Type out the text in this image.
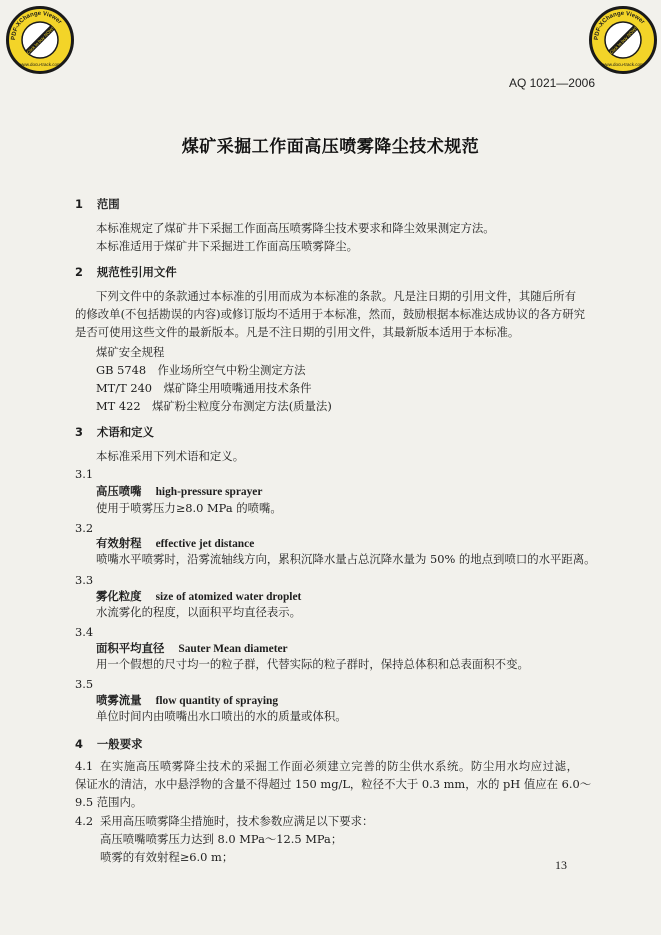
PDF-XChange Viewer
www.docu-track.com
Click to buy NOW!	PDF-XChange Viewer
www.docu-track.com
Click to buy NOW!
AQ 1021—2006
煤矿采掘工作面高压喷雾降尘技术规范
1 范围
本标准规定了煤矿井下采掘工作面高压喷雾降尘技术要求和降尘效果测定方法。
本标准适用于煤矿井下采掘进工作面高压喷雾降尘。
2 规范性引用文件
下列文件中的条款通过本标准的引用而成为本标准的条款。凡是注日期的引用文件，其随后所有
的修改单(不包括勘误的内容)或修订版均不适用于本标准，然而，鼓励根据本标准达成协议的各方研究
是否可使用这些文件的最新版本。凡是不注日期的引用文件，其最新版本适用于本标准。
煤矿安全规程
GB 5748　作业场所空气中粉尘测定方法
MT/T 240　煤矿降尘用喷嘴通用技术条件
MT 422　煤矿粉尘粒度分布测定方法(质量法)
3 术语和定义
本标准采用下列术语和定义。
3.1
高压喷嘴 high-pressure sprayer
使用于喷雾压力≥8.0 MPa 的喷嘴。
3.2
有效射程 effective jet distance
喷嘴水平喷雾时，沿雾流轴线方向，累积沉降水量占总沉降水量为 50% 的地点到喷口的水平距离。
3.3
雾化粒度 size of atomized water droplet
水流雾化的程度，以面积平均直径表示。
3.4
面积平均直径 Sauter Mean diameter
用一个假想的尺寸均一的粒子群，代替实际的粒子群时，保持总体积和总表面积不变。
3.5
喷雾流量 flow quantity of spraying
单位时间内由喷嘴出水口喷出的水的质量或体积。
4 一般要求
4.1 在实施高压喷雾降尘技术的采掘工作面必须建立完善的防尘供水系统。防尘用水均应过滤，
保证水的清洁，水中悬浮物的含量不得超过 150 mg/L，粒径不大于 0.3 mm，水的 pH 值应在 6.0～
9.5 范围内。
4.2 采用高压喷雾降尘措施时，技术参数应满足以下要求：
高压喷嘴喷雾压力达到 8.0 MPa～12.5 MPa；
喷雾的有效射程≥6.0 m；
13
